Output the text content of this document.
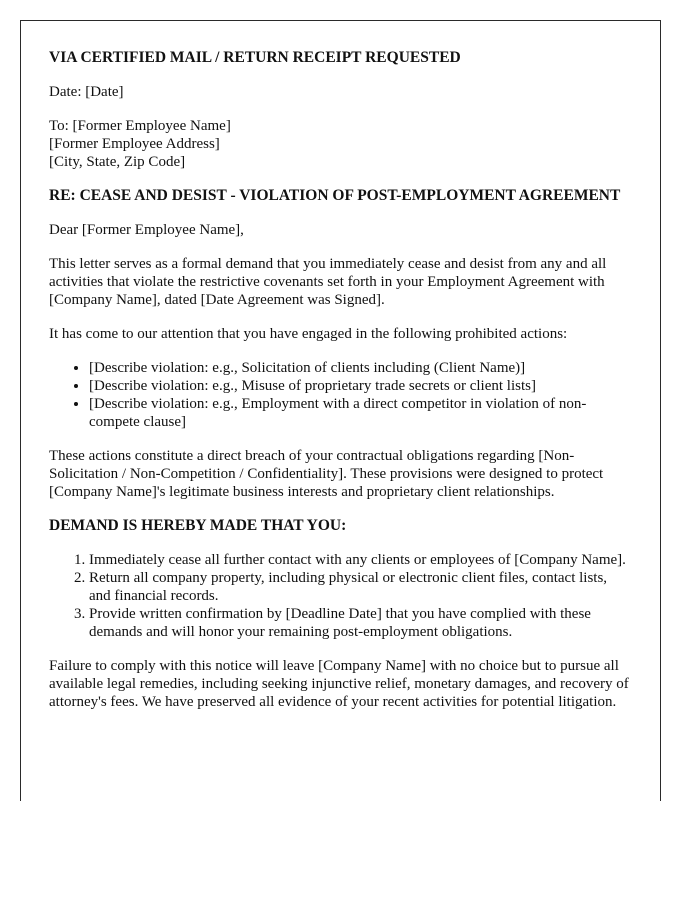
VIA CERTIFIED MAIL / RETURN RECEIPT REQUESTED

Date: [Date]

To: [Former Employee Name]
[Former Employee Address]
[City, State, Zip Code]

RE: CEASE AND DESIST - VIOLATION OF POST-EMPLOYMENT AGREEMENT

Dear [Former Employee Name],

This letter serves as a formal demand that you immediately cease and desist from any and all activities that violate the restrictive covenants set forth in your Employment Agreement with [Company Name], dated [Date Agreement was Signed].

It has come to our attention that you have engaged in the following prohibited actions:

• [Describe violation: e.g., Solicitation of clients including (Client Name)]
• [Describe violation: e.g., Misuse of proprietary trade secrets or client lists]
• [Describe violation: e.g., Employment with a direct competitor in violation of non-compete clause]

These actions constitute a direct breach of your contractual obligations regarding [Non-Solicitation / Non-Competition / Confidentiality]. These provisions were designed to protect [Company Name]'s legitimate business interests and proprietary client relationships.

DEMAND IS HEREBY MADE THAT YOU:
1. Immediately cease all further contact with any clients or employees of [Company Name].
2. Return all company property, including physical or electronic client files, contact lists, and financial records.
3. Provide written confirmation by [Deadline Date] that you have complied with these demands and will honor your remaining post-employment obligations.

Failure to comply with this notice will leave [Company Name] with no choice but to pursue all available legal remedies, including seeking injunctive relief, monetary damages, and recovery of attorney's fees. We have preserved all evidence of your recent activities for potential litigation.
